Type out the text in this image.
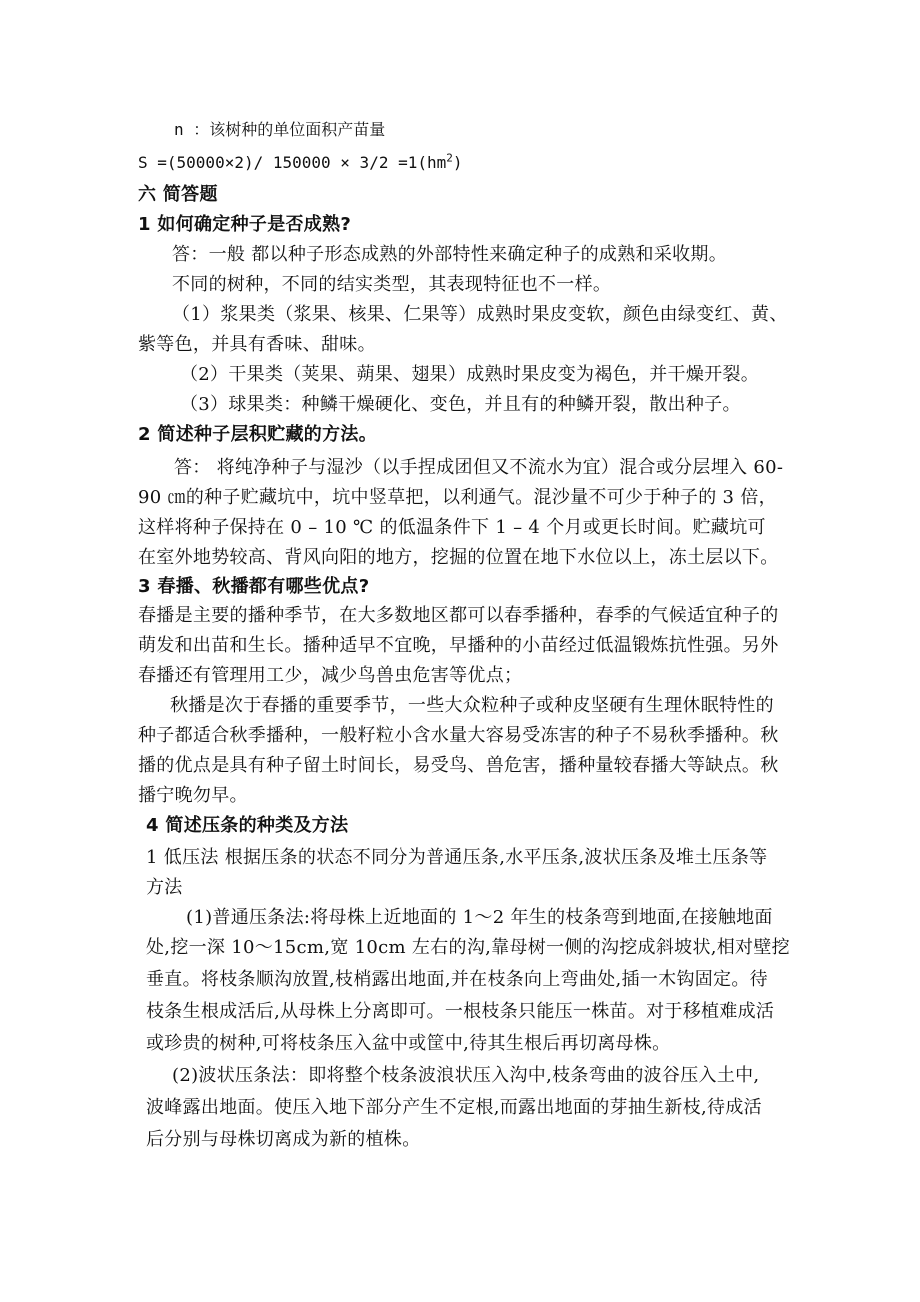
n ：该树种的单位面积产苗量
S =(50000×2)/ $150000 \times 3/2 =1(hm^2)$
六 简答题
1 如何确定种子是否成熟?
答：一般 都以种子形态成熟的外部特性来确定种子的成熟和采收期。
不同的树种，不同的结实类型，其表现特征也不一样。
（1）浆果类（浆果、核果、仁果等）成熟时果皮变软，颜色由绿变红、黄、
紫等色，并具有香味、甜味。
（2）干果类（荚果、蒴果、翅果）成熟时果皮变为褐色，并干燥开裂。
（3）球果类：种鳞干燥硬化、变色，并且有的种鳞开裂，散出种子。
2 简述种子层积贮藏的方法。
答： 将纯净种子与湿沙（以手捏成团但又不流水为宜）混合或分层埋入 60-
90 ㎝的种子贮藏坑中，坑中竖草把，以利通气。混沙量不可少于种子的 3 倍，
这样将种子保持在 0 – 10 ℃ 的低温条件下 1 – 4 个月或更长时间。贮藏坑可
在室外地势较高、背风向阳的地方，挖掘的位置在地下水位以上，冻土层以下。
3 春播、秋播都有哪些优点?
春播是主要的播种季节，在大多数地区都可以春季播种，春季的气候适宜种子的
萌发和出苗和生长。播种适早不宜晚，早播种的小苗经过低温锻炼抗性强。另外
春播还有管理用工少，减少鸟兽虫危害等优点；
秋播是次于春播的重要季节，一些大众粒种子或种皮坚硬有生理休眠特性的
种子都适合秋季播种，一般籽粒小含水量大容易受冻害的种子不易秋季播种。秋
播的优点是具有种子留土时间长，易受鸟、兽危害，播种量较春播大等缺点。秋
播宁晚勿早。
4 简述压条的种类及方法
1 低压法 根据压条的状态不同分为普通压条,水平压条,波状压条及堆土压条等
方法
(1)普通压条法:将母株上近地面的 1～2 年生的枝条弯到地面,在接触地面
处,挖一深 10～15cm,宽 10cm 左右的沟,靠母树一侧的沟挖成斜坡状,相对壁挖
垂直。将枝条顺沟放置,枝梢露出地面,并在枝条向上弯曲处,插一木钩固定。待
枝条生根成活后,从母株上分离即可。一根枝条只能压一株苗。对于移植难成活
或珍贵的树种,可将枝条压入盆中或筐中,待其生根后再切离母株。
(2)波状压条法：即将整个枝条波浪状压入沟中,枝条弯曲的波谷压入土中,
波峰露出地面。使压入地下部分产生不定根,而露出地面的芽抽生新枝,待成活
后分别与母株切离成为新的植株。
